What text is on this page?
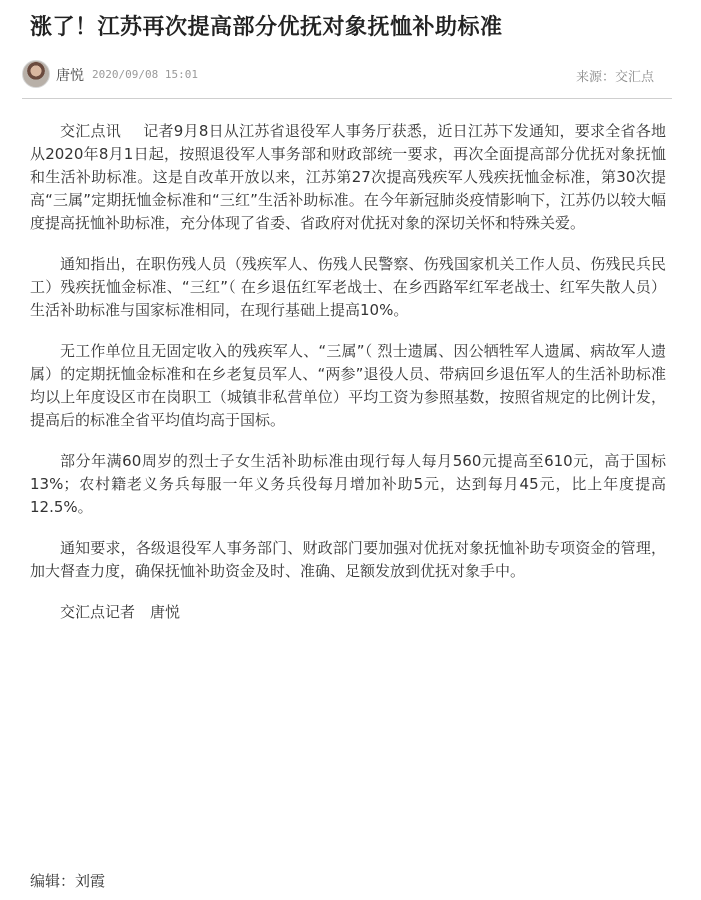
涨了！江苏再次提高部分优抚对象抚恤补助标准
唐悦 2020/09/08 15:01	来源：交汇点

交汇点讯 记者9月8日从江苏省退役军人事务厅获悉，近日江苏下发通知，要求全省各地从2020年8月1日起，按照退役军人事务部和财政部统一要求，再次全面提高部分优抚对象抚恤和生活补助标准。这是自改革开放以来，江苏第27次提高残疾军人残疾抚恤金标准，第30次提高“三属”定期抚恤金标准和“三红”生活补助标准。在今年新冠肺炎疫情影响下，江苏仍以较大幅度提高抚恤补助标准，充分体现了省委、省政府对优抚对象的深切关怀和特殊关爱。

通知指出，在职伤残人员（残疾军人、伤残人民警察、伤残国家机关工作人员、伤残民兵民工）残疾抚恤金标准、“三红”（ 在乡退伍红军老战士、在乡西路军红军老战士、红军失散人员）生活补助标准与国家标准相同，在现行基础上提高10%。

无工作单位且无固定收入的残疾军人、“三属”（ 烈士遗属、因公牺牲军人遗属、病故军人遗属）的定期抚恤金标准和在乡老复员军人、“两参”退役人员、带病回乡退伍军人的生活补助标准均以上年度设区市在岗职工（城镇非私营单位）平均工资为参照基数，按照省规定的比例计发，提高后的标准全省平均值均高于国标。

部分年满60周岁的烈士子女生活补助标准由现行每人每月560元提高至610元，高于国标13%；农村籍老义务兵每服一年义务兵役每月增加补助5元，达到每月45元，比上年度提高12.5%。

通知要求，各级退役军人事务部门、财政部门要加强对优抚对象抚恤补助专项资金的管理，加大督查力度，确保抚恤补助资金及时、准确、足额发放到优抚对象手中。

交汇点记者　唐悦

编辑：刘霞
